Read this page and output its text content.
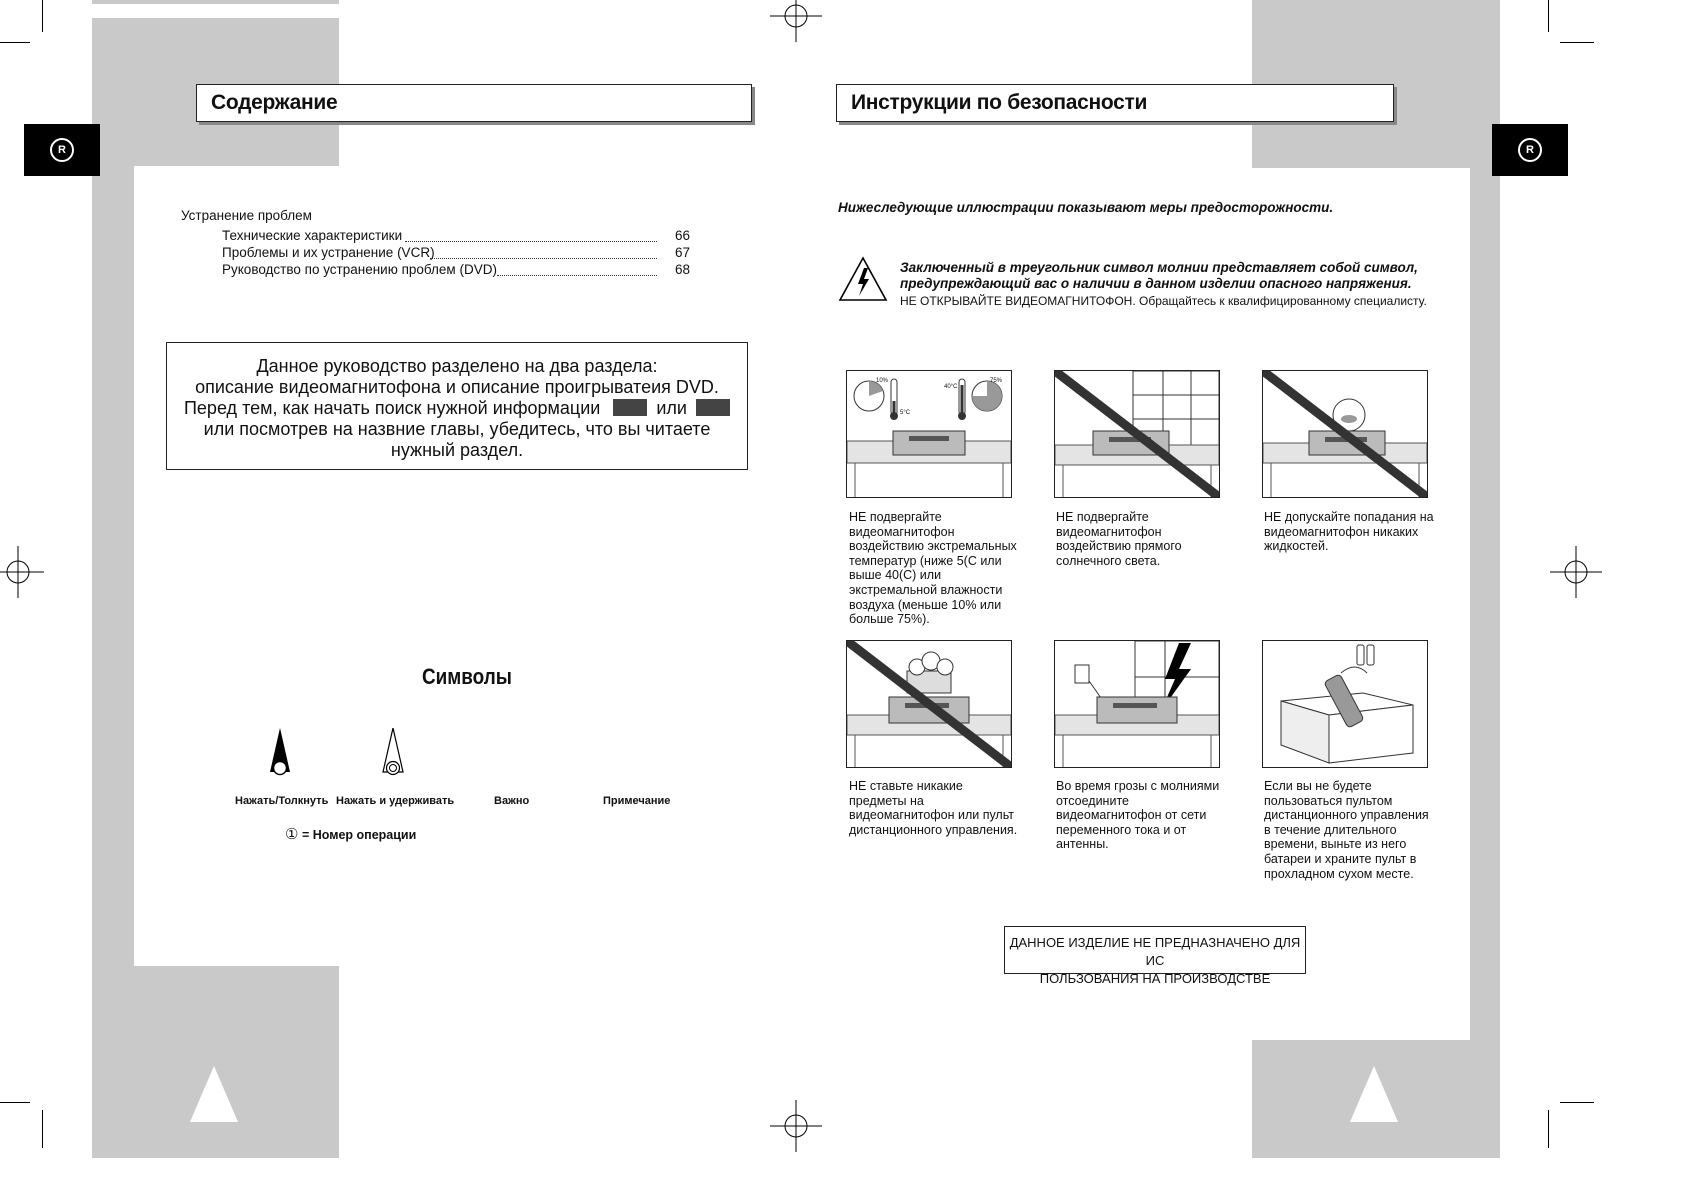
R	R
Содержание
Устранение проблем
Технические характеристики	66
Проблемы и их устранение (VCR)	67
Руководство по устранению проблем (DVD)	68
Данное руководство разделено на два раздела:
описание видеомагнитофона и описание проигрыватеия DVD.
Перед тем, как начать поиск нужной информации	или
или посмотрев на назвние главы, убедитесь, что вы читаете
нужный раздел.
Символы
Нажать/Толкнуть Нажать и удерживать	Важно	Примечание
① = Номер операции
Инструкции по безопасности
Нижеследующие иллюстрации показывают меры предосторожности.
Заключенный в треугольник символ молнии представляет собой символ,
предупреждающий вас о наличии в данном изделии опасного напряжения.
НЕ ОТКРЫВАЙТЕ ВИДЕОМАГНИТОФОН. Обращайтесь к квалифицированному специалисту.
10%
5°C
40°C
75%
НЕ подвергайте видеомагнитофон воздействию экстремальных температур (ниже 5(С или выше 40(С) или экстремальной влажности воздуха (меньше 10% или больше 75%).
НЕ подвергайте видеомагнитофон воздействию прямого солнечного света.
НЕ допускайте попадания на видеомагнитофон никаких жидкостей.
НЕ ставьте никакие предметы на видеомагнитофон или пульт дистанционного управления.
Во время грозы с молниями отсоедините видеомагнитофон от сети переменного тока и от антенны.
Если вы не будете пользоваться пультом дистанционного управления в течение длительного времени, выньте из него батареи и храните пульт в прохладном сухом месте.
ДАННОЕ ИЗДЕЛИЕ НЕ ПРЕДНАЗНАЧЕНО ДЛЯ ИС
ПОЛЬЗОВАНИЯ НА ПРОИЗВОДСТВЕ
